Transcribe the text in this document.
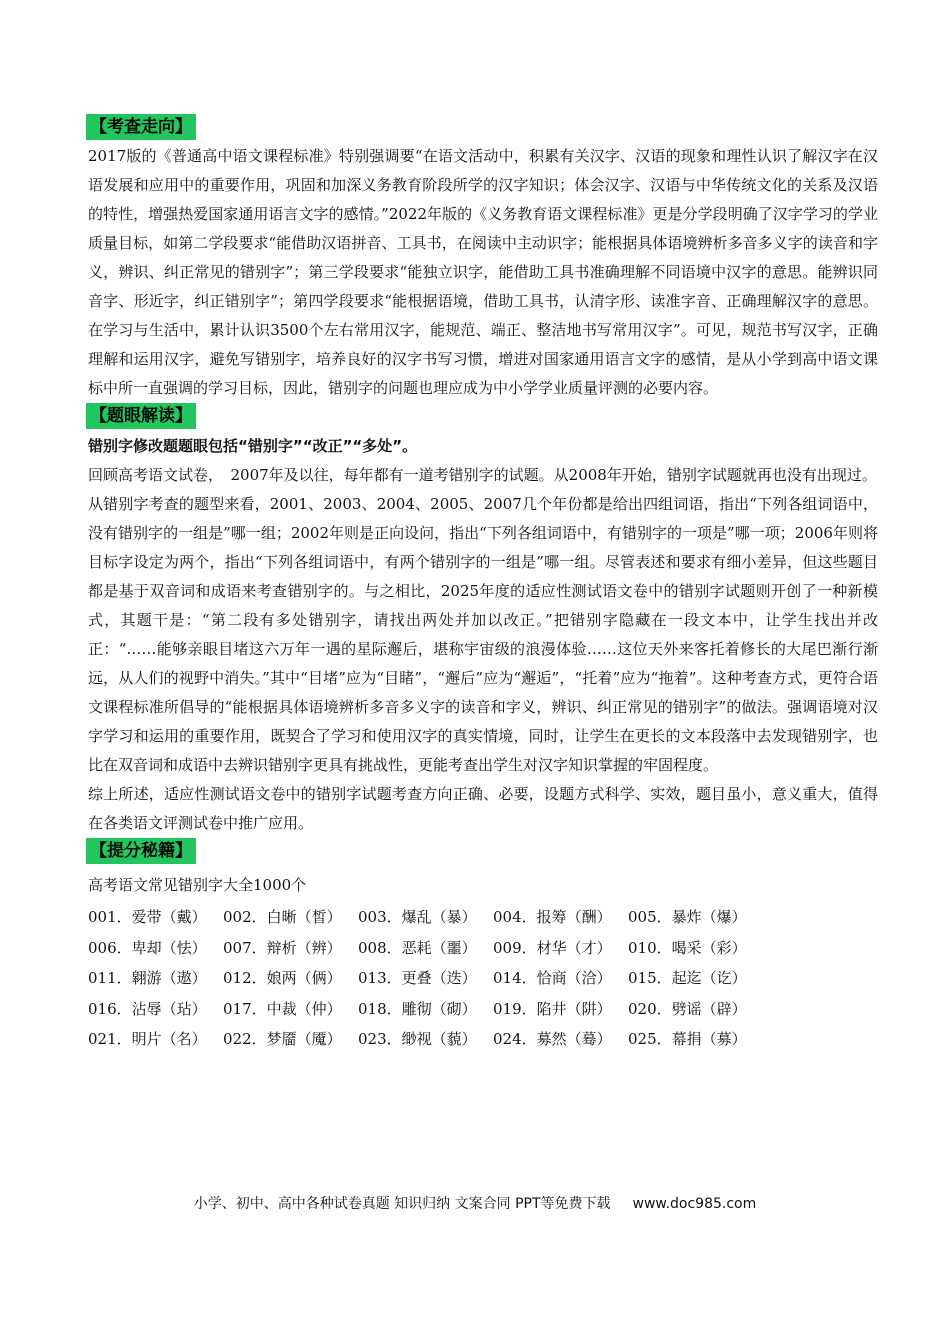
【考查走向】

2017版的《普通高中语文课程标准》特别强调要“在语文活动中，积累有关汉字、汉语的现象和理性认识了解汉字在汉语发展和应用中的重要作用，巩固和加深义务教育阶段所学的汉字知识；体会汉字、汉语与中华传统文化的关系及汉语的特性，增强热爱国家通用语言文字的感情。”2022年版的《义务教育语文课程标准》更是分学段明确了汉字学习的学业质量目标，如第二学段要求“能借助汉语拼音、工具书，在阅读中主动识字；能根据具体语境辨析多音多义字的读音和字义，辨识、纠正常见的错别字”；第三学段要求“能独立识字，能借助工具书准确理解不同语境中汉字的意思。能辨识同音字、形近字，纠正错别字”；第四学段要求“能根据语境，借助工具书，认清字形、读准字音、正确理解汉字的意思。在学习与生活中，累计认识3500个左右常用汉字，能规范、端正、整洁地书写常用汉字”。可见，规范书写汉字，正确理解和运用汉字，避免写错别字，培养良好的汉字书写习惯，增进对国家通用语言文字的感情，是从小学到高中语文课标中所一直强调的学习目标，因此，错别字的问题也理应成为中小学学业质量评测的必要内容。

【题眼解读】

错别字修改题题眼包括“错别字”“改正”“多处”。

回顾高考语文试卷，　2007年及以往，每年都有一道考错别字的试题。从2008年开始，错别字试题就再也没有出现过。

从错别字考查的题型来看，2001、2003、2004、2005、2007几个年份都是给出四组词语，指出“下列各组词语中，没有错别字的一组是”哪一组；2002年则是正向设问，指出“下列各组词语中，有错别字的一项是”哪一项；2006年则将目标字设定为两个，指出“下列各组词语中，有两个错别字的一组是”哪一组。尽管表述和要求有细小差异，但这些题目都是基于双音词和成语来考查错别字的。与之相比，2025年度的适应性测试语文卷中的错别字试题则开创了一种新模式，其题干是：“第二段有多处错别字，请找出两处并加以改正。”把错别字隐藏在一段文本中，让学生找出并改正：“……能够亲眼目堵这六万年一遇的星际邂后，堪称宇宙级的浪漫体验……这位天外来客托着修长的大尾巴渐行渐远，从人们的视野中消失。”其中“目堵”应为“目睹”，“邂后”应为“邂逅”，“托着”应为“拖着”。这种考查方式，更符合语文课程标准所倡导的“能根据具体语境辨析多音多义字的读音和字义，辨识、纠正常见的错别字”的做法。强调语境对汉字学习和运用的重要作用，既契合了学习和使用汉字的真实情境，同时，让学生在更长的文本段落中去发现错别字，也比在双音词和成语中去辨识错别字更具有挑战性，更能考查出学生对汉字知识掌握的牢固程度。

综上所述，适应性测试语文卷中的错别字试题考查方向正确、必要，设题方式科学、实效，题目虽小，意义重大，值得在各类语文评测试卷中推广应用。

【提分秘籍】

高考语文常见错别字大全1000个

001．爱带（戴）	002．白晰（皙）	003．爆乱（暴）	004．报筹（酬）	005．暴炸（爆）
006．卑却（怯）	007．辩析（辨）	008．恶耗（噩）	009．材华（才）	010．喝采（彩）
011．翱游（遨）	012．娘两（俩）	013．更叠（迭）	014．恰商（洽）	015．起迄（讫）
016．沾辱（玷）	017．中裁（仲）	018．雕彻（砌）	019．陷井（阱）	020．劈谣（辟）
021．明片（名）	022．梦靥（魇）	023．缈视（藐）	024．募然（蓦）	025．幕捐（募）
小学、初中、高中各种试卷真题 知识归纳 文案合同 PPT等免费下载 www.doc985.com
